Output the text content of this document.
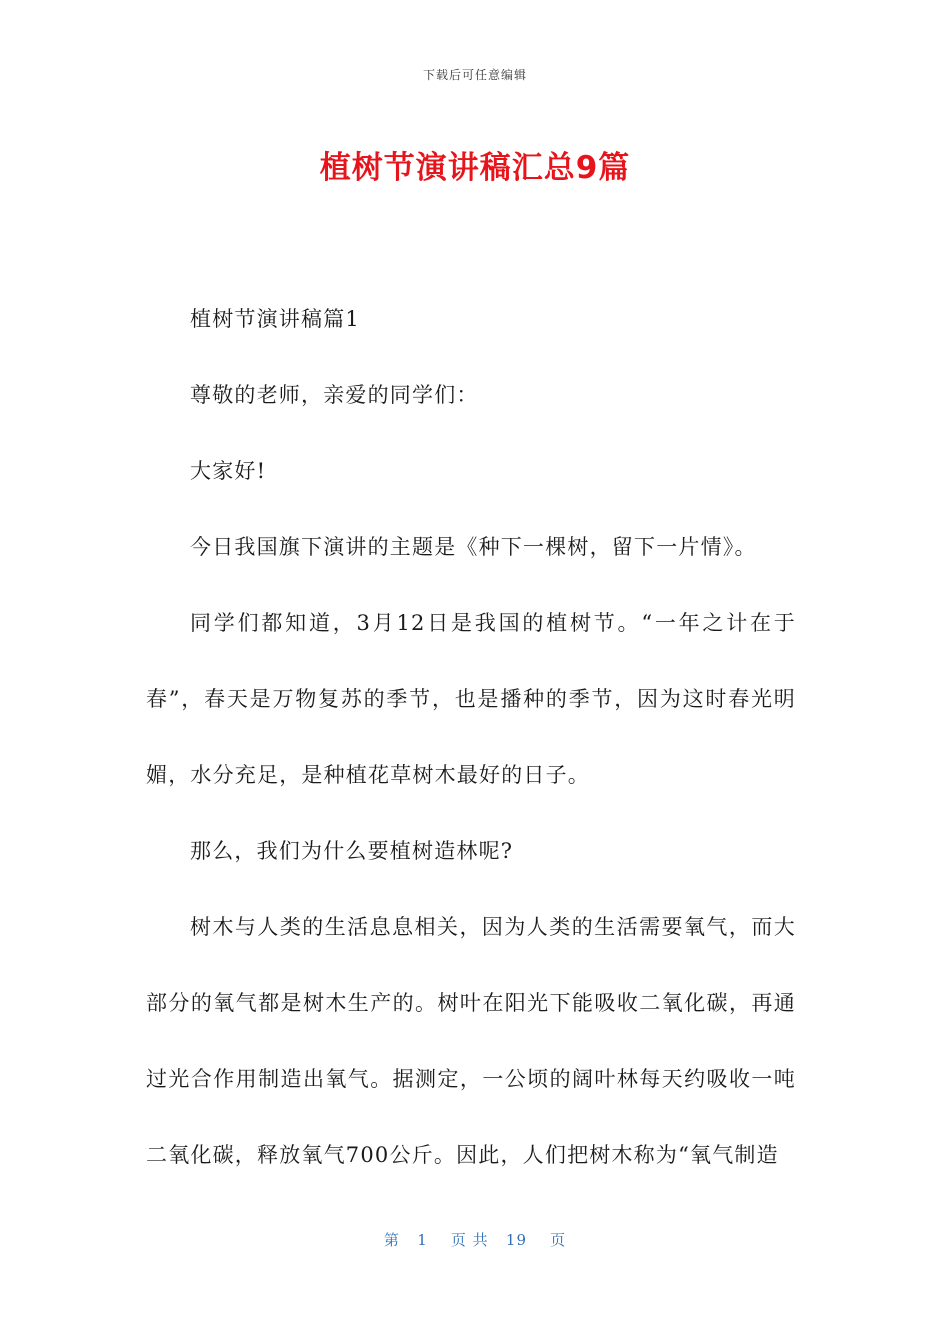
下载后可任意编辑
植树节演讲稿汇总9篇

植树节演讲稿篇1

尊敬的老师，亲爱的同学们：

大家好!

今日我国旗下演讲的主题是《种下一棵树，留下一片情》。

同学们都知道，3月12日是我国的植树节。“一年之计在于春”，春天是万物复苏的季节，也是播种的季节，因为这时春光明媚，水分充足，是种植花草树木最好的日子。

那么，我们为什么要植树造林呢?

树木与人类的生活息息相关，因为人类的生活需要氧气，而大部分的氧气都是树木生产的。树叶在阳光下能吸收二氧化碳，再通过光合作用制造出氧气。据测定，一公顷的阔叶林每天约吸收一吨二氧化碳，释放氧气700公斤。因此，人们把树木称为“氧气制造

第 1 页 共 19 页
